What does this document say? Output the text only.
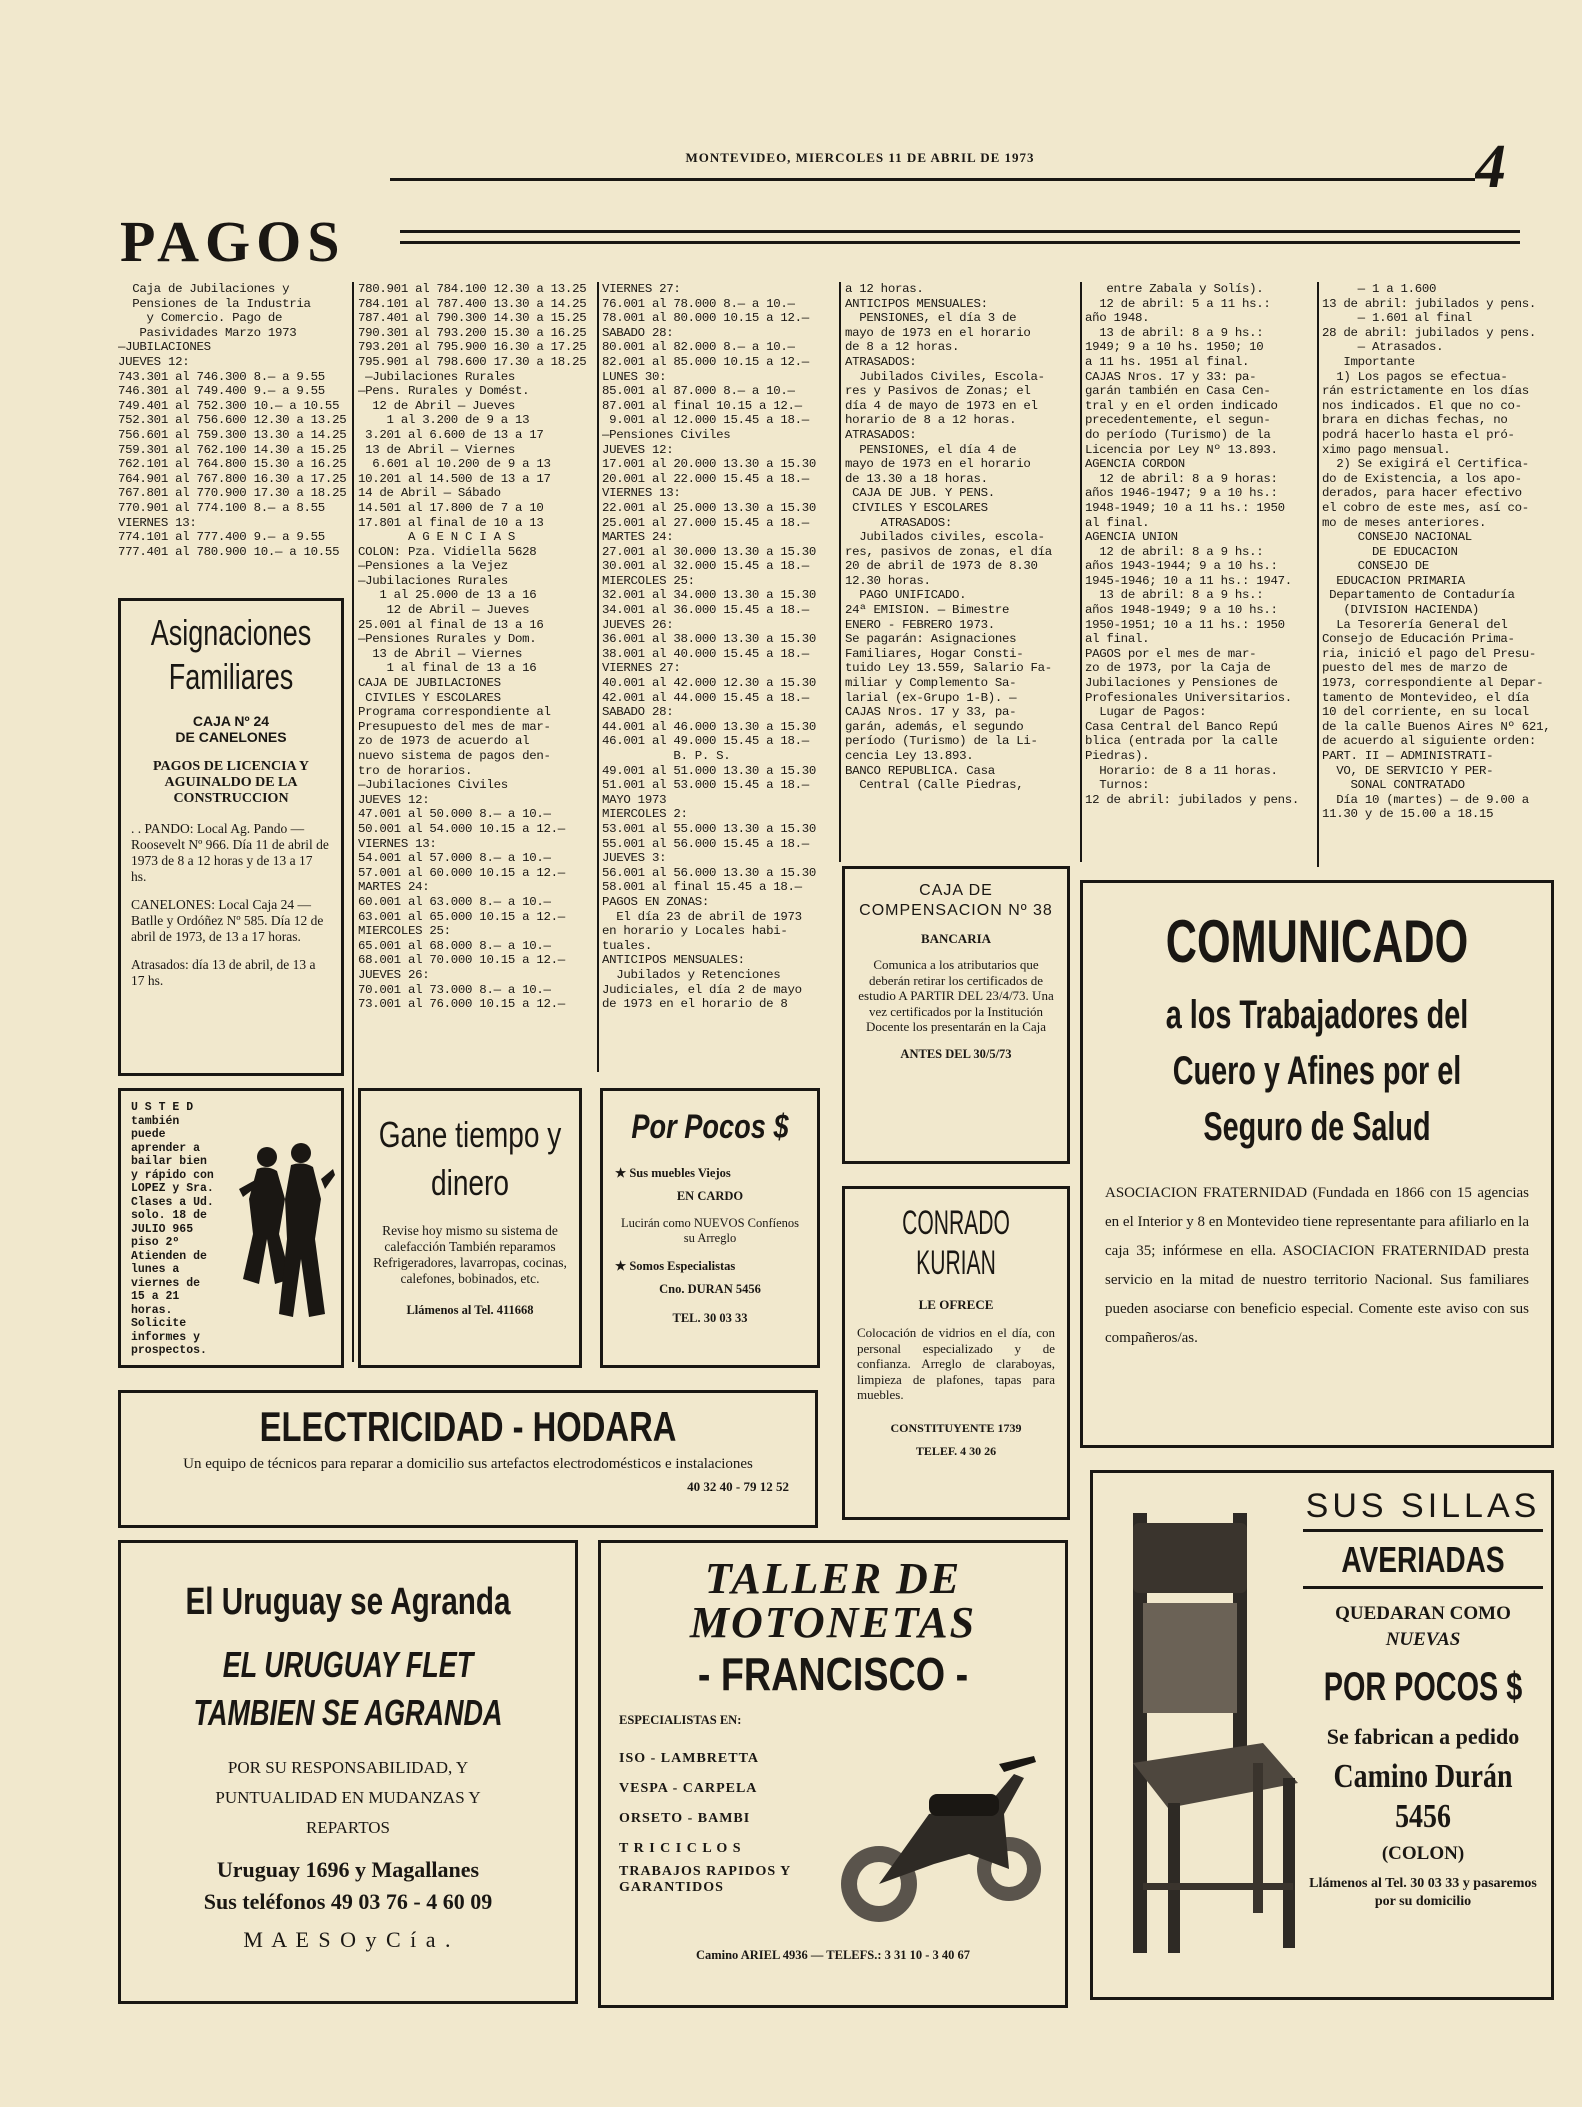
MONTEVIDEO, MIERCOLES 11 DE ABRIL DE 1973	4
PAGOS
Caja de Jubilaciones y
Pensiones de la Industria
y Comercio. Pago de
Pasividades Marzo 1973
—JUBILACIONES
JUEVES 12:
743.301 al 746.300 8.— a 9.55
746.301 al 749.400 9.— a 9.55
749.401 al 752.300 10.— a 10.55
752.301 al 756.600 12.30 a 13.25
756.601 al 759.300 13.30 a 14.25
759.301 al 762.100 14.30 a 15.25
762.101 al 764.800 15.30 a 16.25
764.901 al 767.800 16.30 a 17.25
767.801 al 770.900 17.30 a 18.25
770.901 al 774.100 8.— a 8.55
VIERNES 13:
774.101 al 777.400 9.— a 9.55
777.401 al 780.900 10.— a 10.55
780.901 al 784.100 12.30 a 13.25
784.101 al 787.400 13.30 a 14.25
787.401 al 790.300 14.30 a 15.25
790.301 al 793.200 15.30 a 16.25
793.201 al 795.900 16.30 a 17.25
795.901 al 798.600 17.30 a 18.25
—Jubilaciones Rurales
—Pens. Rurales y Domést.
12 de Abril — Jueves
1 al 3.200 de 9 a 13
3.201 al 6.600 de 13 a 17
13 de Abril — Viernes
6.601 al 10.200 de 9 a 13
10.201 al 14.500 de 13 a 17
14 de Abril — Sábado
14.501 al 17.800 de 7 a 10
17.801 al final de 10 a 13
A G E N C I A S
COLON: Pza. Vidiella 5628
—Pensiones a la Vejez
—Jubilaciones Rurales
1 al 25.000 de 13 a 16
12 de Abril — Jueves
25.001 al final de 13 a 16
—Pensiones Rurales y Dom.
13 de Abril — Viernes
1 al final de 13 a 16
CAJA DE JUBILACIONES
CIVILES Y ESCOLARES
Programa correspondiente al
Presupuesto del mes de mar-
zo de 1973 de acuerdo al
nuevo sistema de pagos den-
tro de horarios.
—Jubilaciones Civiles
JUEVES 12:
47.001 al 50.000 8.— a 10.—
50.001 al 54.000 10.15 a 12.—
VIERNES 13:
54.001 al 57.000 8.— a 10.—
57.001 al 60.000 10.15 a 12.—
MARTES 24:
60.001 al 63.000 8.— a 10.—
63.001 al 65.000 10.15 a 12.—
MIERCOLES 25:
65.001 al 68.000 8.— a 10.—
68.001 al 70.000 10.15 a 12.—
JUEVES 26:
70.001 al 73.000 8.— a 10.—
73.001 al 76.000 10.15 a 12.—
VIERNES 27:
76.001 al 78.000 8.— a 10.—
78.001 al 80.000 10.15 a 12.—
SABADO 28:
80.001 al 82.000 8.— a 10.—
82.001 al 85.000 10.15 a 12.—
LUNES 30:
85.001 al 87.000 8.— a 10.—
87.001 al final 10.15 a 12.—
9.001 al 12.000 15.45 a 18.—
—Pensiones Civiles
JUEVES 12:
17.001 al 20.000 13.30 a 15.30
20.001 al 22.000 15.45 a 18.—
VIERNES 13:
22.001 al 25.000 13.30 a 15.30
25.001 al 27.000 15.45 a 18.—
MARTES 24:
27.001 al 30.000 13.30 a 15.30
30.001 al 32.000 15.45 a 18.—
MIERCOLES 25:
32.001 al 34.000 13.30 a 15.30
34.001 al 36.000 15.45 a 18.—
JUEVES 26:
36.001 al 38.000 13.30 a 15.30
38.001 al 40.000 15.45 a 18.—
VIERNES 27:
40.001 al 42.000 12.30 a 15.30
42.001 al 44.000 15.45 a 18.—
SABADO 28:
44.001 al 46.000 13.30 a 15.30
46.001 al 49.000 15.45 a 18.—
B. P. S.
49.001 al 51.000 13.30 a 15.30
51.001 al 53.000 15.45 a 18.—
MAYO 1973
MIERCOLES 2:
53.001 al 55.000 13.30 a 15.30
55.001 al 56.000 15.45 a 18.—
JUEVES 3:
56.001 al 56.000 13.30 a 15.30
58.001 al final 15.45 a 18.—
PAGOS EN ZONAS:
El día 23 de abril de 1973
en horario y Locales habi-
tuales.
ANTICIPOS MENSUALES:
Jubilados y Retenciones
Judiciales, el día 2 de mayo
de 1973 en el horario de 8
a 12 horas.
ANTICIPOS MENSUALES:
PENSIONES, el día 3 de
mayo de 1973 en el horario
de 8 a 12 horas.
ATRASADOS:
Jubilados Civiles, Escola-
res y Pasivos de Zonas; el
día 4 de mayo de 1973 en el
horario de 8 a 12 horas.
ATRASADOS:
PENSIONES, el día 4 de
mayo de 1973 en el horario
de 13.30 a 18 horas.
CAJA DE JUB. Y PENS.
CIVILES Y ESCOLARES
ATRASADOS:
Jubilados civiles, escola-
res, pasivos de zonas, el día
20 de abril de 1973 de 8.30
12.30 horas.
PAGO UNIFICADO.
24ª EMISION. — Bimestre
ENERO - FEBRERO 1973.
Se pagarán: Asignaciones
Familiares, Hogar Consti-
tuido Ley 13.559, Salario Fa-
miliar y Complemento Sa-
larial (ex-Grupo 1-B). —
CAJAS Nros. 17 y 33, pa-
garán, además, el segundo
período (Turismo) de la Li-
cencia Ley 13.893.
BANCO REPUBLICA. Casa
Central (Calle Piedras,
entre Zabala y Solís).
12 de abril: 5 a 11 hs.:
año 1948.
13 de abril: 8 a 9 hs.:
1949; 9 a 10 hs. 1950; 10
a 11 hs. 1951 al final.
CAJAS Nros. 17 y 33: pa-
garán también en Casa Cen-
tral y en el orden indicado
precedentemente, el segun-
do período (Turismo) de la
Licencia por Ley Nº 13.893.
AGENCIA CORDON
12 de abril: 8 a 9 horas:
años 1946-1947; 9 a 10 hs.:
1948-1949; 10 a 11 hs.: 1950
al final.
AGENCIA UNION
12 de abril: 8 a 9 hs.:
años 1943-1944; 9 a 10 hs.:
1945-1946; 10 a 11 hs.: 1947.
13 de abril: 8 a 9 hs.:
años 1948-1949; 9 a 10 hs.:
1950-1951; 10 a 11 hs.: 1950
al final.
PAGOS por el mes de mar-
zo de 1973, por la Caja de
Jubilaciones y Pensiones de
Profesionales Universitarios.
Lugar de Pagos:
Casa Central del Banco Repú
blica (entrada por la calle
Piedras).
Horario: de 8 a 11 horas.
Turnos:
12 de abril: jubilados y pens.
— 1 a 1.600
13 de abril: jubilados y pens.
— 1.601 al final
28 de abril: jubilados y pens.
— Atrasados.
Importante
1) Los pagos se efectua-
rán estrictamente en los días
nos indicados. El que no co-
brara en dichas fechas, no
podrá hacerlo hasta el pró-
ximo pago mensual.
2) Se exigirá el Certifica-
do de Existencia, a los apo-
derados, para hacer efectivo
el cobro de este mes, así co-
mo de meses anteriores.
CONSEJO NACIONAL
DE EDUCACION
CONSEJO DE
EDUCACION PRIMARIA
Departamento de Contaduría
(DIVISION HACIENDA)
La Tesorería General del
Consejo de Educación Prima-
ria, inició el pago del Presu-
puesto del mes de marzo de
1973, correspondiente al Depar-
tamento de Montevideo, el día
10 del corriente, en su local
de la calle Buenos Aires Nº 621,
de acuerdo al siguiente orden:
PART. II — ADMINISTRATI-
VO, DE SERVICIO Y PER-
SONAL CONTRATADO
Día 10 (martes) — de 9.00 a
11.30 y de 15.00 a 18.15
Asignaciones Familiares
CAJA Nº 24
DE CANELONES
PAGOS DE LICENCIA Y AGUINALDO DE LA CONSTRUCCION
. . PANDO: Local Ag. Pando — Roosevelt Nº 966. Día 11 de abril de 1973 de 8 a 12 horas y de 13 a 17 hs.
CANELONES: Local Caja 24 — Batlle y Ordóñez Nº 585. Día 12 de abril de 1973, de 13 a 17 horas.
Atrasados: día 13 de abril, de 13 a 17 hs.
U S T E D también puede aprender a bailar bien y rápido con LOPEZ y Sra. Clases a Ud. solo. 18 de JULIO 965 piso 2º Atienden de lunes a viernes de 15 a 21 horas. Solicite informes y prospectos.
Gane tiempo y dinero
Revise hoy mismo su sistema de calefacción También reparamos Refrigeradores, lavarropas, cocinas, calefones, bobinados, etc.
Llámenos al Tel. 411668
Por Pocos $
★ Sus muebles Viejos
EN CARDO
Lucirán como NUEVOS Confíenos su Arreglo
★ Somos Especialistas
Cno. DURAN 5456
TEL. 30 03 33
CAJA DE COMPENSACION Nº 38
BANCARIA
Comunica a los atributarios que deberán retirar los certificados de estudio A PARTIR DEL 23/4/73. Una vez certificados por la Institución Docente los presentarán en la Caja
ANTES DEL 30/5/73
CONRADO KURIAN
LE OFRECE
Colocación de vidrios en el día, con personal especializado y de confianza. Arreglo de claraboyas, limpieza de plafones, tapas para muebles.
CONSTITUYENTE 1739
TELEF. 4 30 26
COMUNICADO
a los Trabajadores del
Cuero y Afines por el
Seguro de Salud
ASOCIACION FRATERNIDAD (Fundada en 1866 con 15 agencias en el Interior y 8 en Montevideo tiene representante para afiliarlo en la caja 35; infórmese en ella. ASOCIACION FRATERNIDAD presta servicio en la mitad de nuestro territorio Nacional. Sus familiares pueden asociarse con beneficio especial. Comente este aviso con sus compañeros/as.
ELECTRICIDAD - HODARA
Un equipo de técnicos para reparar a domicilio sus artefactos electrodomésticos e instalaciones
40 32 40 - 79 12 52
El Uruguay se Agranda
EL URUGUAY FLET
TAMBIEN SE AGRANDA
POR SU RESPONSABILIDAD, Y PUNTUALIDAD EN MUDANZAS Y REPARTOS
Uruguay 1696 y Magallanes
Sus teléfonos 49 03 76 - 4 60 09
M A E S O y C í a .
TALLER DE
MOTONETAS
- FRANCISCO -
ESPECIALISTAS EN:
ISO - LAMBRETTA
VESPA - CARPELA
ORSETO - BAMBI
T R I C I C L O S
TRABAJOS RAPIDOS Y GARANTIDOS
Camino ARIEL 4936 — TELEFS.: 3 31 10 - 3 40 67
SUS SILLAS
AVERIADAS
QUEDARAN COMO
NUEVAS
POR POCOS $
Se fabrican a pedido
Camino Durán 5456
(COLON)
Llámenos al Tel. 30 03 33 y pasaremos por su domicilio
